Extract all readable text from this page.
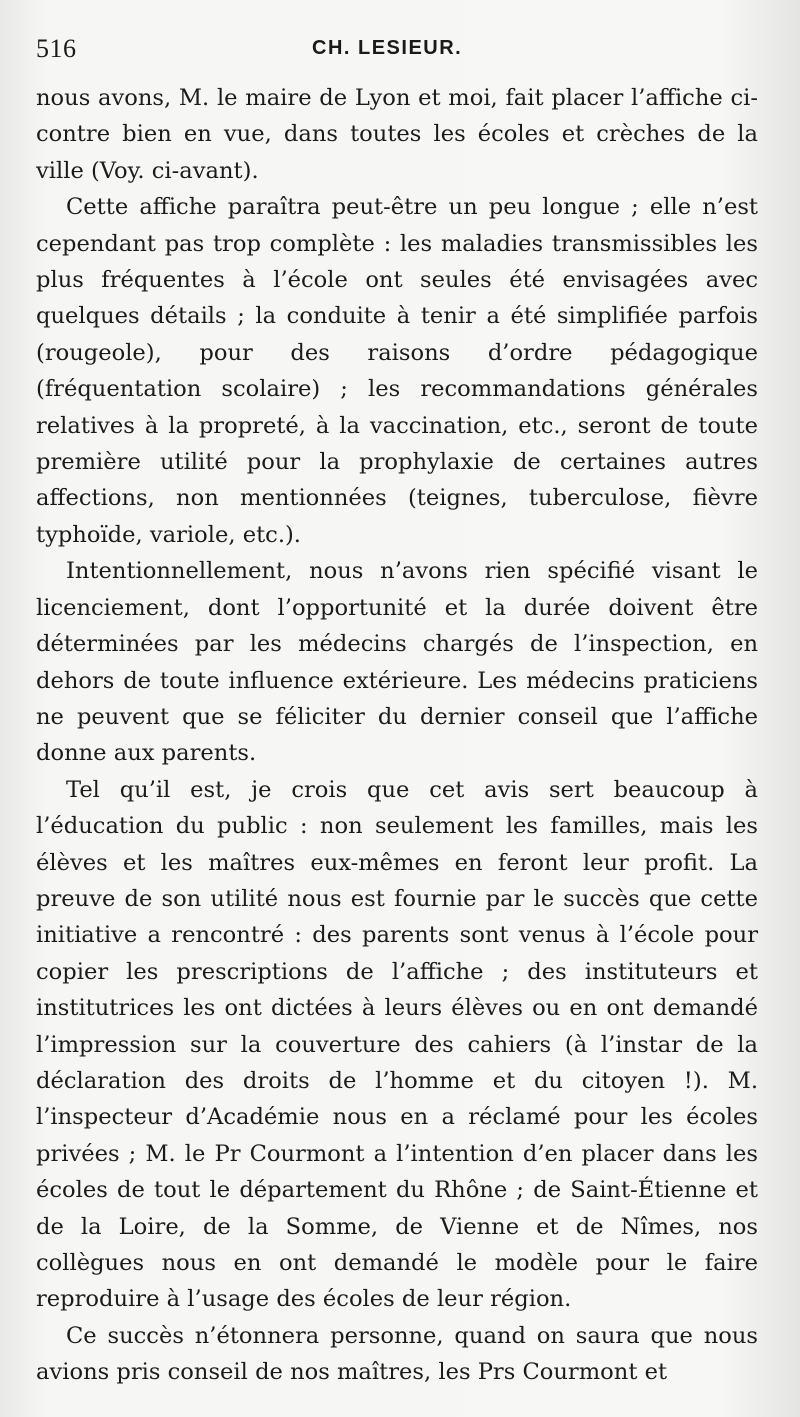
516	CH. LESIEUR.

nous avons, M. le maire de Lyon et moi, fait placer l’affiche ci-contre bien en vue, dans toutes les écoles et crèches de la ville (Voy. ci-avant).

Cette affiche paraîtra peut-être un peu longue ; elle n’est cependant pas trop complète : les maladies transmissibles les plus fréquentes à l’école ont seules été envisagées avec quelques détails ; la conduite à tenir a été simplifiée parfois (rougeole), pour des raisons d’ordre pédagogique (fréquentation scolaire) ; les recommandations générales relatives à la propreté, à la vaccination, etc., seront de toute première utilité pour la prophylaxie de certaines autres affections, non mentionnées (teignes, tuberculose, fièvre typhoïde, variole, etc.).

Intentionnellement, nous n’avons rien spécifié visant le licenciement, dont l’opportunité et la durée doivent être déterminées par les médecins chargés de l’inspection, en dehors de toute influence extérieure. Les médecins praticiens ne peuvent que se féliciter du dernier conseil que l’affiche donne aux parents.

Tel qu’il est, je crois que cet avis sert beaucoup à l’éducation du public : non seulement les familles, mais les élèves et les maîtres eux-mêmes en feront leur profit. La preuve de son utilité nous est fournie par le succès que cette initiative a rencontré : des parents sont venus à l’école pour copier les prescriptions de l’affiche ; des instituteurs et institutrices les ont dictées à leurs élèves ou en ont demandé l’impression sur la couverture des cahiers (à l’instar de la déclaration des droits de l’homme et du citoyen !). M. l’inspecteur d’Académie nous en a réclamé pour les écoles privées ; M. le Pr Courmont a l’intention d’en placer dans les écoles de tout le département du Rhône ; de Saint-Étienne et de la Loire, de la Somme, de Vienne et de Nîmes, nos collègues nous en ont demandé le modèle pour le faire reproduire à l’usage des écoles de leur région.

Ce succès n’étonnera personne, quand on saura que nous avions pris conseil de nos maîtres, les Prs Courmont et
